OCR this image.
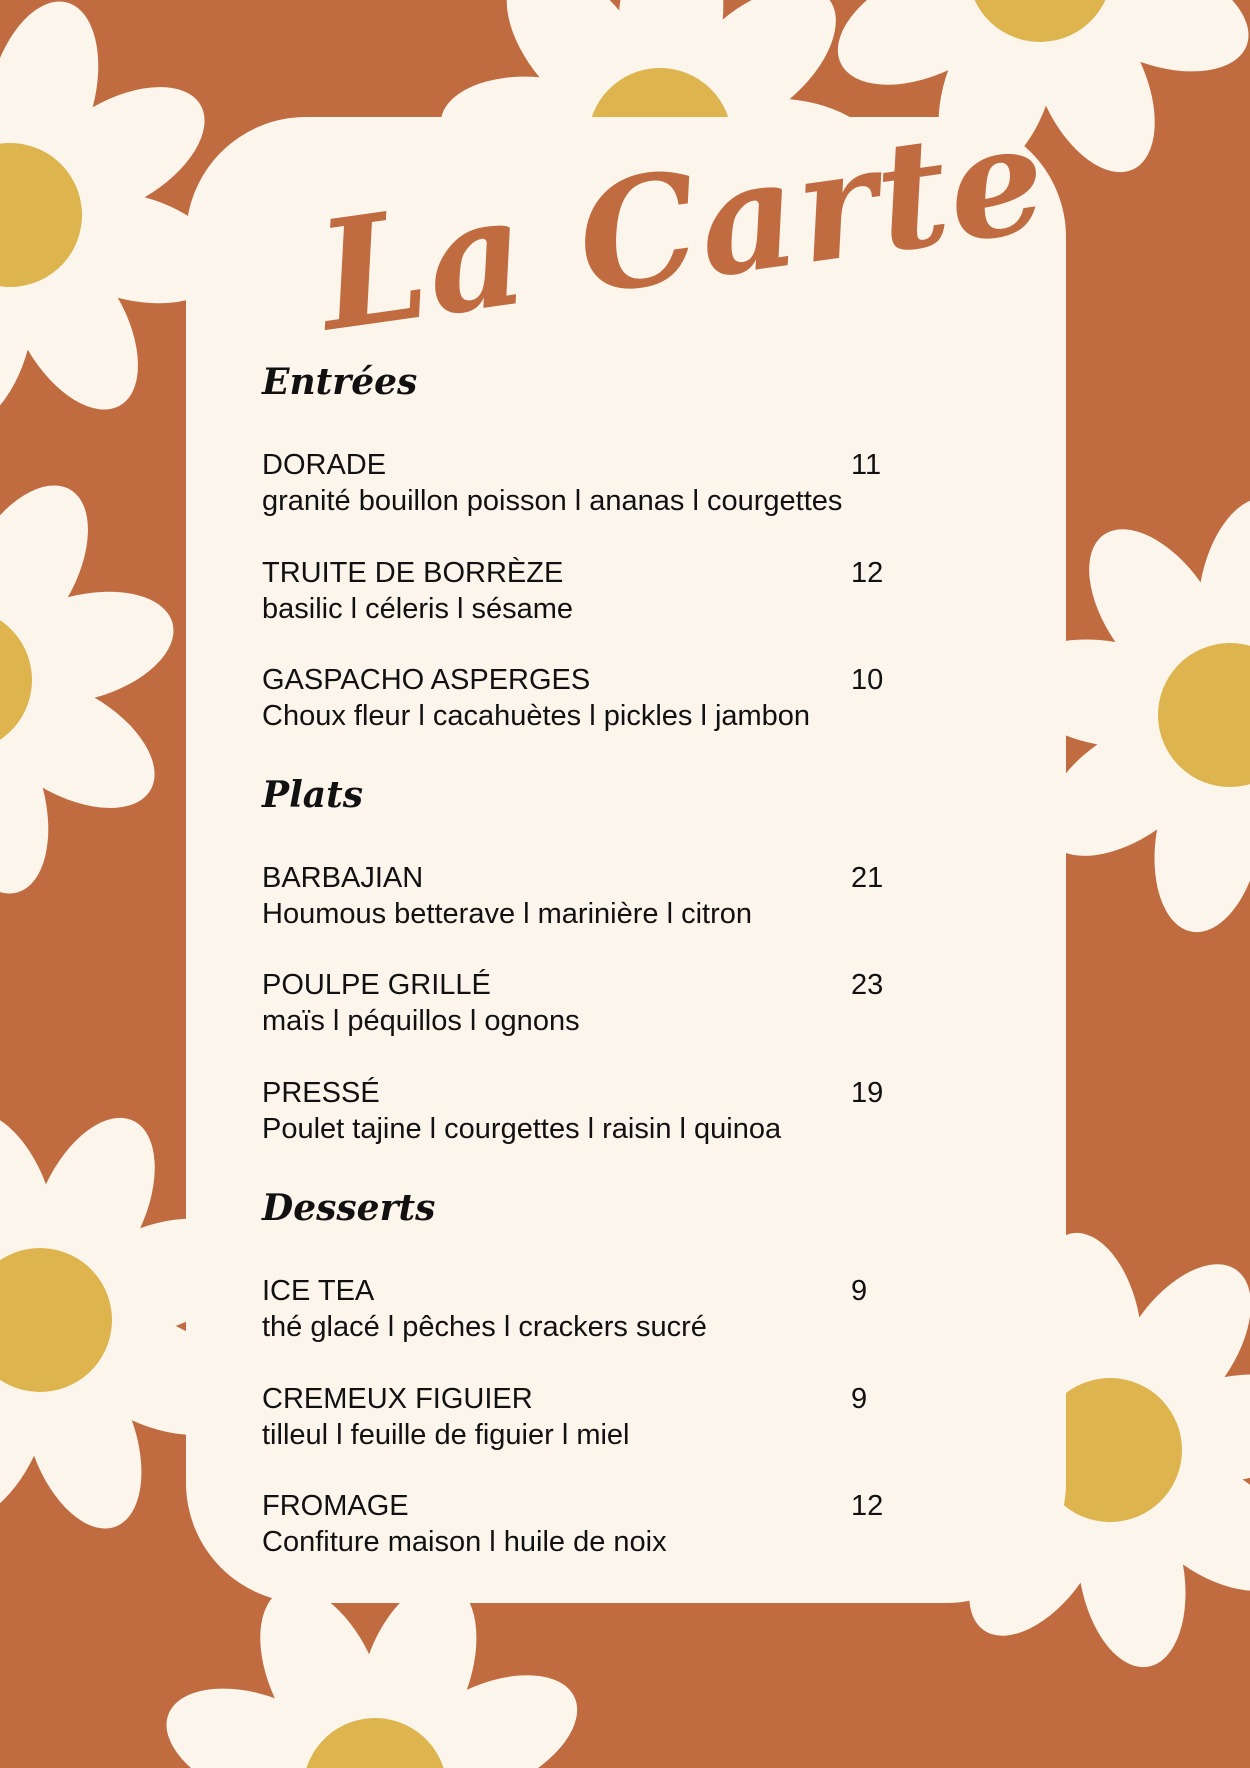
La Carte
Entrées
DORADE	11
granité bouillon poisson l ananas l courgettes
TRUITE DE BORRÈZE	12
basilic l céleris l sésame
GASPACHO ASPERGES	10
Choux fleur l cacahuètes l pickles l jambon
Plats
BARBAJIAN	21
Houmous betterave l marinière l citron
POULPE GRILLÉ	23
maïs l péquillos l ognons
PRESSÉ	19
Poulet tajine l courgettes l raisin l quinoa
Desserts
ICE TEA	9
thé glacé l pêches l crackers sucré
CREMEUX FIGUIER	9
tilleul l feuille de figuier l miel
FROMAGE	12
Confiture maison l huile de noix
